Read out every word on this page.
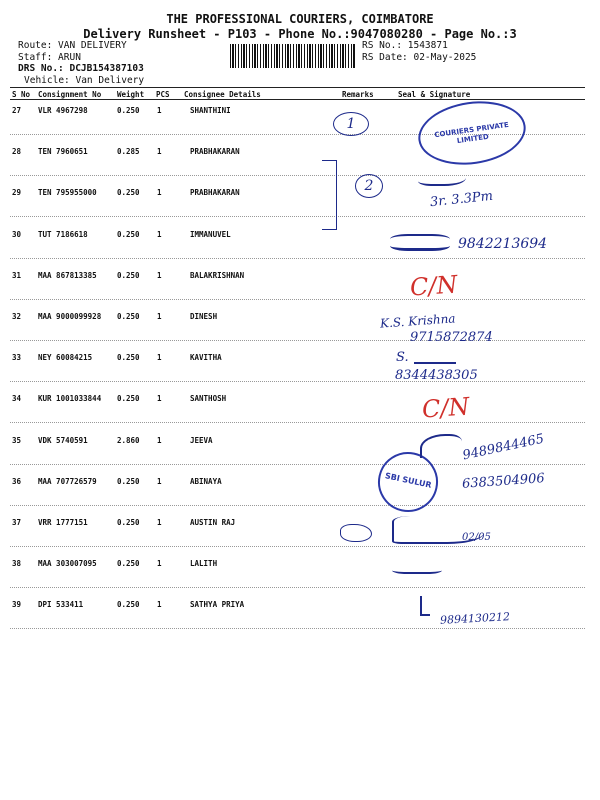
THE PROFESSIONAL COURIERS, COIMBATORE
Delivery Runsheet - P103 - Phone No.:9047080280 - Page No.:3
Route: VAN DELIVERY
Staff: ARUN
DRS No.: DCJB154387103
Vehicle: Van Delivery
RS No.: 1543871
RS Date: 02-May-2025
S No Consignment No Weight PCS Consignee Details	Remarks	Seal & Signature
27 VLR 4967298	0.250 1	SHANTHINI
28 TEN 7960651	0.285 1	PRABHAKARAN
29 TEN 795955000	0.250 1	PRABHAKARAN
30 TUT 7186618	0.250 1	IMMANUVEL
31 MAA 867813385	0.250 1	BALAKRISHNAN
32 MAA 9000099928 0.250 1	DINESH
33 NEY 60084215	0.250 1	KAVITHA
34 KUR 1001033844 0.250 1	SANTHOSH
35 VDK 5740591	2.860 1	JEEVA
36 MAA 707726579	0.250 1	ABINAYA
37 VRR 1777151	0.250 1	AUSTIN RAJ
38 MAA 303007095	0.250 1	LALITH
39 DPI 533411	0.250 1	SATHYA PRIYA
1
2
3r. 3.3Pm
9842213694
C/N
K.S. Krishna
9715872874
S.
8344438305
C/N
COURIERS PRIVATE LIMITED
SBI SULUR
9489844465
6383504906
02/05
9894130212
